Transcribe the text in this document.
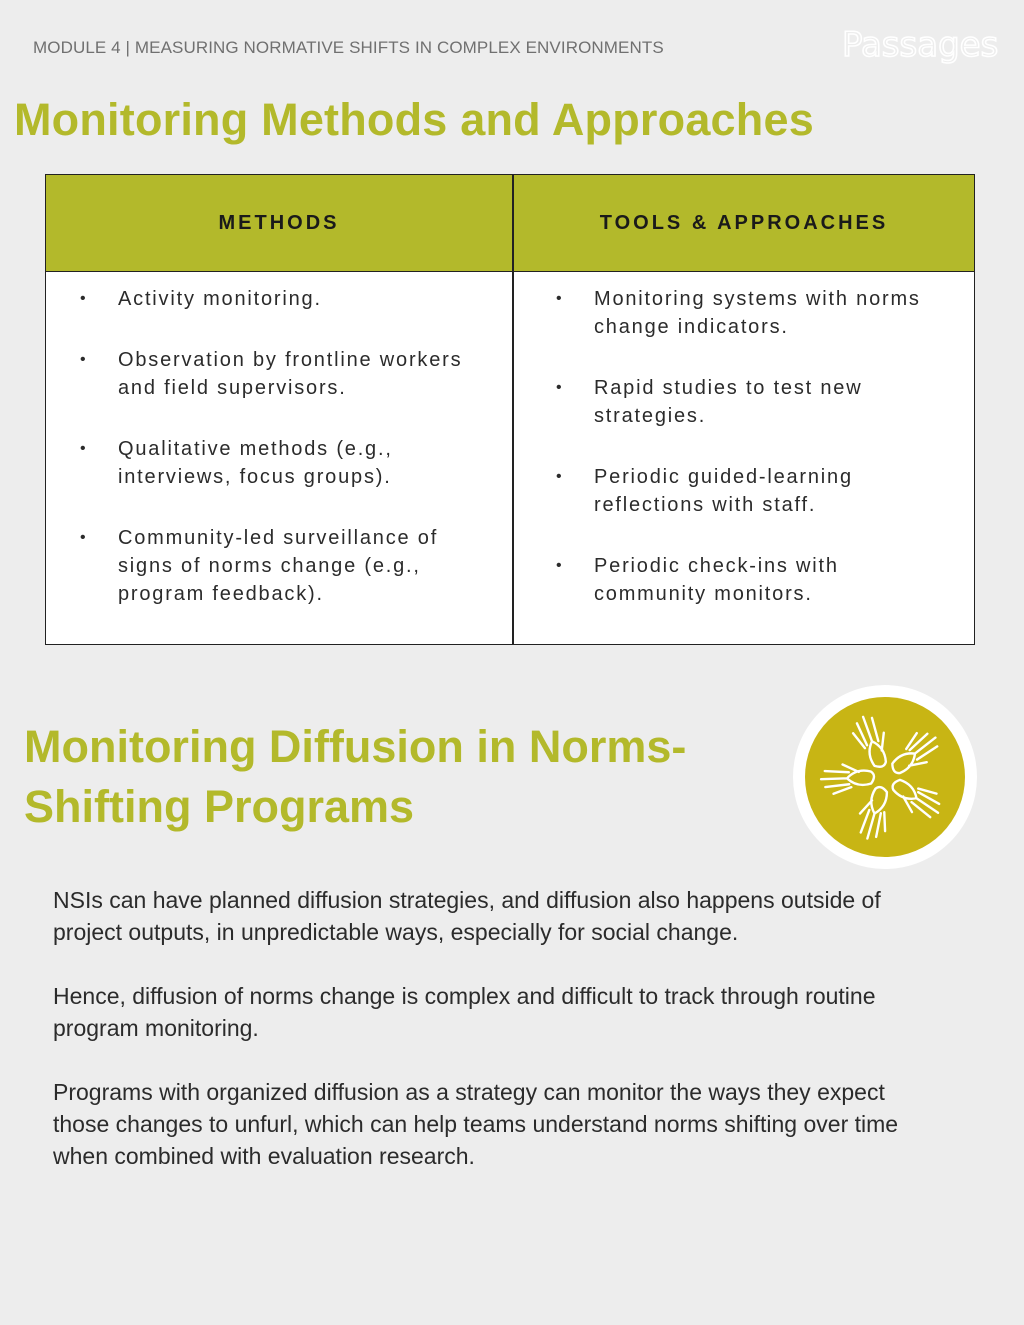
MODULE 4 | MEASURING NORMATIVE SHIFTS IN COMPLEX ENVIRONMENTS	Passages
Monitoring Methods and Approaches
METHODS	TOOLS & APPROACHES
• Activity monitoring.
• Observation by frontline workers and field supervisors.
• Qualitative methods (e.g., interviews, focus groups).
• Community-led surveillance of signs of norms change (e.g., program feedback).
• Monitoring systems with norms change indicators.
• Rapid studies to test new strategies.
• Periodic guided-learning reflections with staff.
• Periodic check-ins with community monitors.
Monitoring Diffusion in Norms-
Shifting Programs

NSIs can have planned diffusion strategies, and diffusion also happens outside of project outputs, in unpredictable ways, especially for social change.

Hence, diffusion of norms change is complex and difficult to track through routine program monitoring.

Programs with organized diffusion as a strategy can monitor the ways they expect those changes to unfurl, which can help teams understand norms shifting over time when combined with evaluation research.
